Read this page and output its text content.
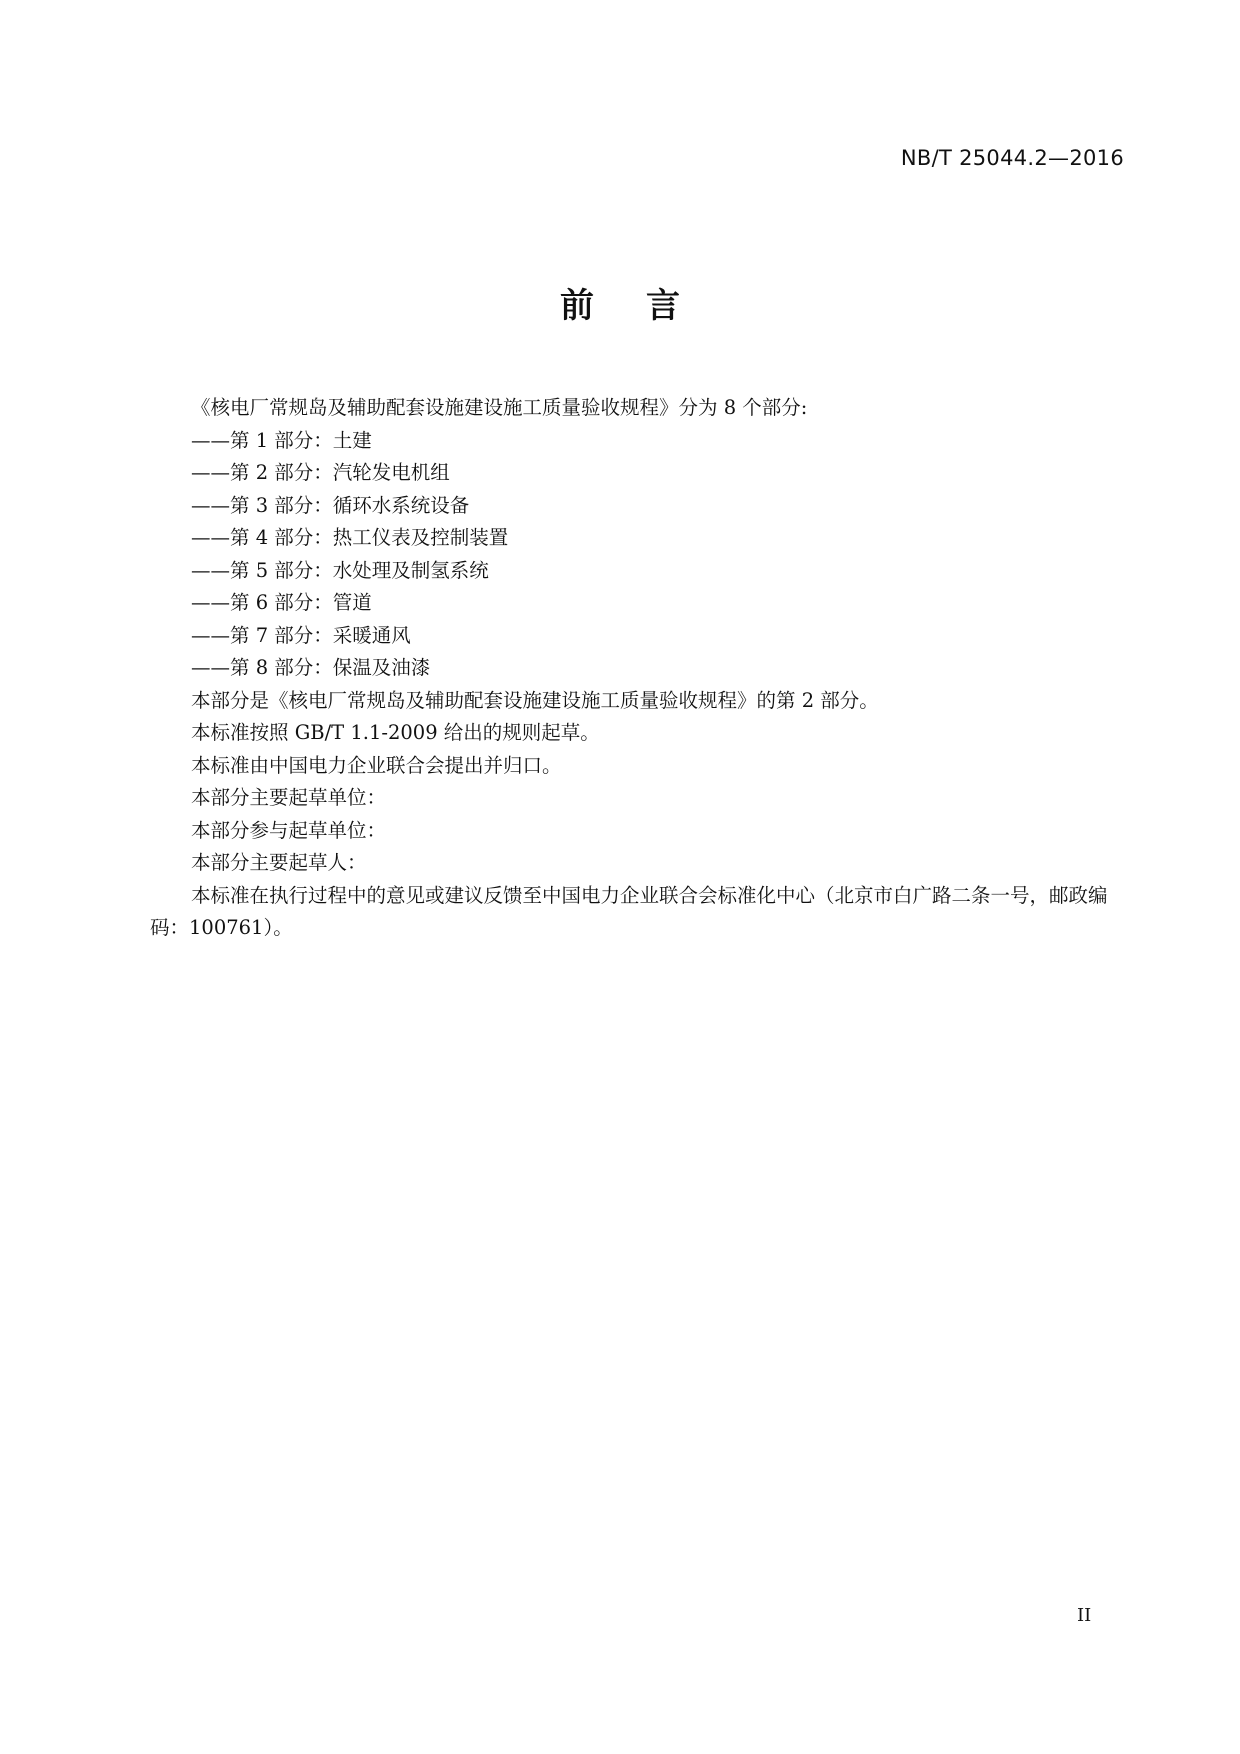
NB/T 25044.2—2016
前 言
《核电厂常规岛及辅助配套设施建设施工质量验收规程》分为 8 个部分:
——第 1 部分：土建
——第 2 部分：汽轮发电机组
——第 3 部分：循环水系统设备
——第 4 部分：热工仪表及控制装置
——第 5 部分：水处理及制氢系统
——第 6 部分：管道
——第 7 部分：采暖通风
——第 8 部分：保温及油漆
本部分是《核电厂常规岛及辅助配套设施建设施工质量验收规程》的第 2 部分。
本标准按照 GB/T 1.1-2009 给出的规则起草。
本标准由中国电力企业联合会提出并归口。
本部分主要起草单位：
本部分参与起草单位：
本部分主要起草人：
本标准在执行过程中的意见或建议反馈至中国电力企业联合会标准化中心（北京市白广路二条一号，邮政编码：100761）。
II
